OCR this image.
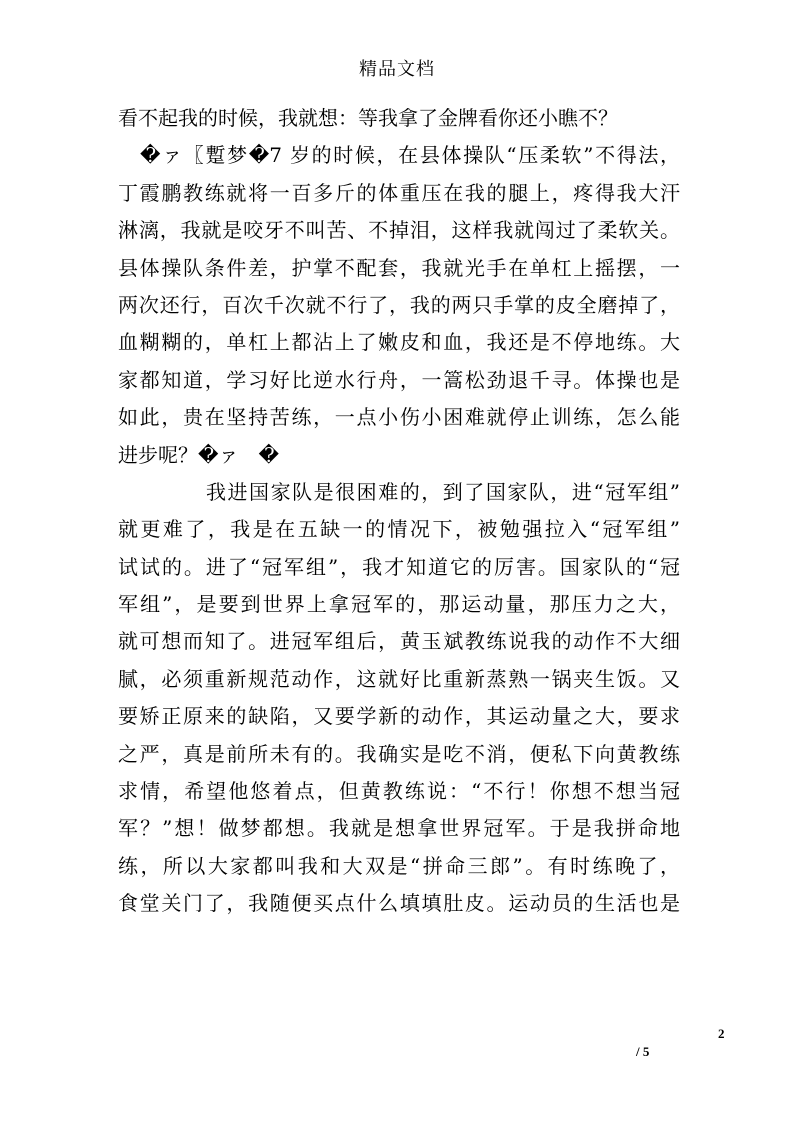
精品文档
看不起我的时候，我就想：等我拿了金牌看你还小瞧不？
�ァ〖蹔梦�7 岁的时候，在县体操队“压柔软”不得法，
丁霞鹏教练就将一百多斤的体重压在我的腿上，疼得我大汗
淋漓，我就是咬牙不叫苦、不掉泪，这样我就闯过了柔软关。
县体操队条件差，护掌不配套，我就光手在单杠上摇摆，一
两次还行，百次千次就不行了，我的两只手掌的皮全磨掉了，
血糊糊的，单杠上都沾上了嫩皮和血，我还是不停地练。大
家都知道，学习好比逆水行舟，一篙松劲退千寻。体操也是
如此，贵在坚持苦练，一点小伤小困难就停止训练，怎么能
进步呢？�ァ　�
我进国家队是很困难的，到了国家队，进“冠军组”
就更难了，我是在五缺一的情况下，被勉强拉入“冠军组”
试试的。进了“冠军组”，我才知道它的厉害。国家队的“冠
军组”，是要到世界上拿冠军的，那运动量，那压力之大，
就可想而知了。进冠军组后，黄玉斌教练说我的动作不大细
腻，必须重新规范动作，这就好比重新蒸熟一锅夹生饭。又
要矫正原来的缺陷，又要学新的动作，其运动量之大，要求
之严，真是前所未有的。我确实是吃不消，便私下向黄教练
求情，希望他悠着点，但黄教练说：“不行！你想不想当冠
军？”想！做梦都想。我就是想拿世界冠军。于是我拼命地
练，所以大家都叫我和大双是“拼命三郎”。有时练晚了，
食堂关门了，我随便买点什么填填肚皮。运动员的生活也是
2
/ 5
